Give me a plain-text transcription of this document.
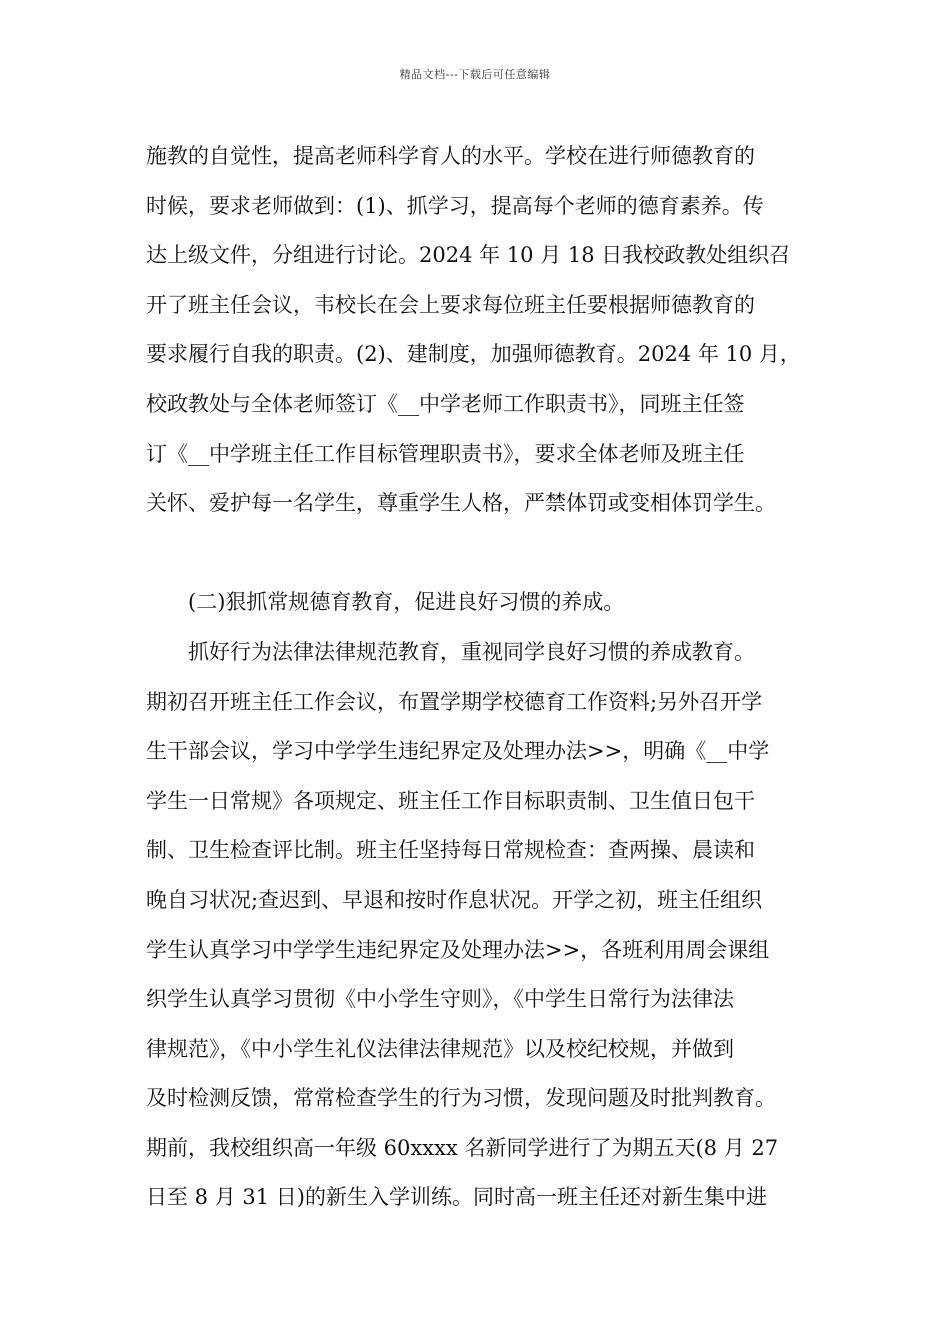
精品文档---下载后可任意编辑
施教的自觉性，提高老师科学育人的水平。学校在进行师德教育的
时候，要求老师做到：(1)、抓学习，提高每个老师的德育素养。传
达上级文件，分组进行讨论。2024 年 10 月 18 日我校政教处组织召
开了班主任会议，韦校长在会上要求每位班主任要根据师德教育的
要求履行自我的职责。(2)、建制度，加强师德教育。2024 年 10 月，
校政教处与全体老师签订《__中学老师工作职责书》，同班主任签
订《__中学班主任工作目标管理职责书》，要求全体老师及班主任
关怀、爱护每一名学生，尊重学生人格，严禁体罚或变相体罚学生。
(二)狠抓常规德育教育，促进良好习惯的养成。
抓好行为法律法律规范教育，重视同学良好习惯的养成教育。
期初召开班主任工作会议，布置学期学校德育工作资料;另外召开学
生干部会议，学习中学学生违纪界定及处理办法>>，明确《__中学
学生一日常规》各项规定、班主任工作目标职责制、卫生值日包干
制、卫生检查评比制。班主任坚持每日常规检查：查两操、晨读和
晚自习状况;查迟到、早退和按时作息状况。开学之初，班主任组织
学生认真学习中学学生违纪界定及处理办法>>，各班利用周会课组
织学生认真学习贯彻《中小学生守则》，《中学生日常行为法律法
律规范》，《中小学生礼仪法律法律规范》以及校纪校规，并做到
及时检测反馈，常常检查学生的行为习惯，发现问题及时批判教育。
期前，我校组织高一年级 60xxxx 名新同学进行了为期五天(8 月 27
日至 8 月 31 日)的新生入学训练。同时高一班主任还对新生集中进
